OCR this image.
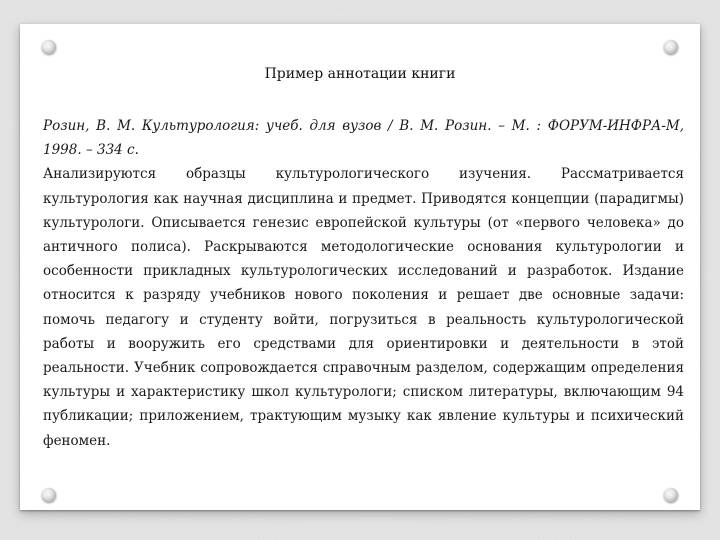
Пример аннотации книги
Розин, В. М. Культурология: учеб. для вузов / В. М. Розин. – М. : ФОРУМ-ИНФРА-М, 1998. – 334 с.
Анализируются образцы культурологического изучения. Рассматривается культурология как научная дисциплина и предмет. Приводятся концепции (парадигмы) культурологи. Описывается генезис европейской культуры (от «первого человека» до античного полиса). Раскрываются методологические основания культурологии и особенности прикладных культурологических исследований и разработок. Издание относится к разряду учебников нового поколения и решает две основные задачи: помочь педагогу и студенту войти, погрузиться в реальность культурологической работы и вооружить его средствами для ориентировки и деятельности в этой реальности. Учебник сопровождается справочным разделом, содержащим определения культуры и характеристику школ культурологи; списком литературы, включающим 94 публикации; приложением, трактующим музыку как явление культуры и психический феномен.
